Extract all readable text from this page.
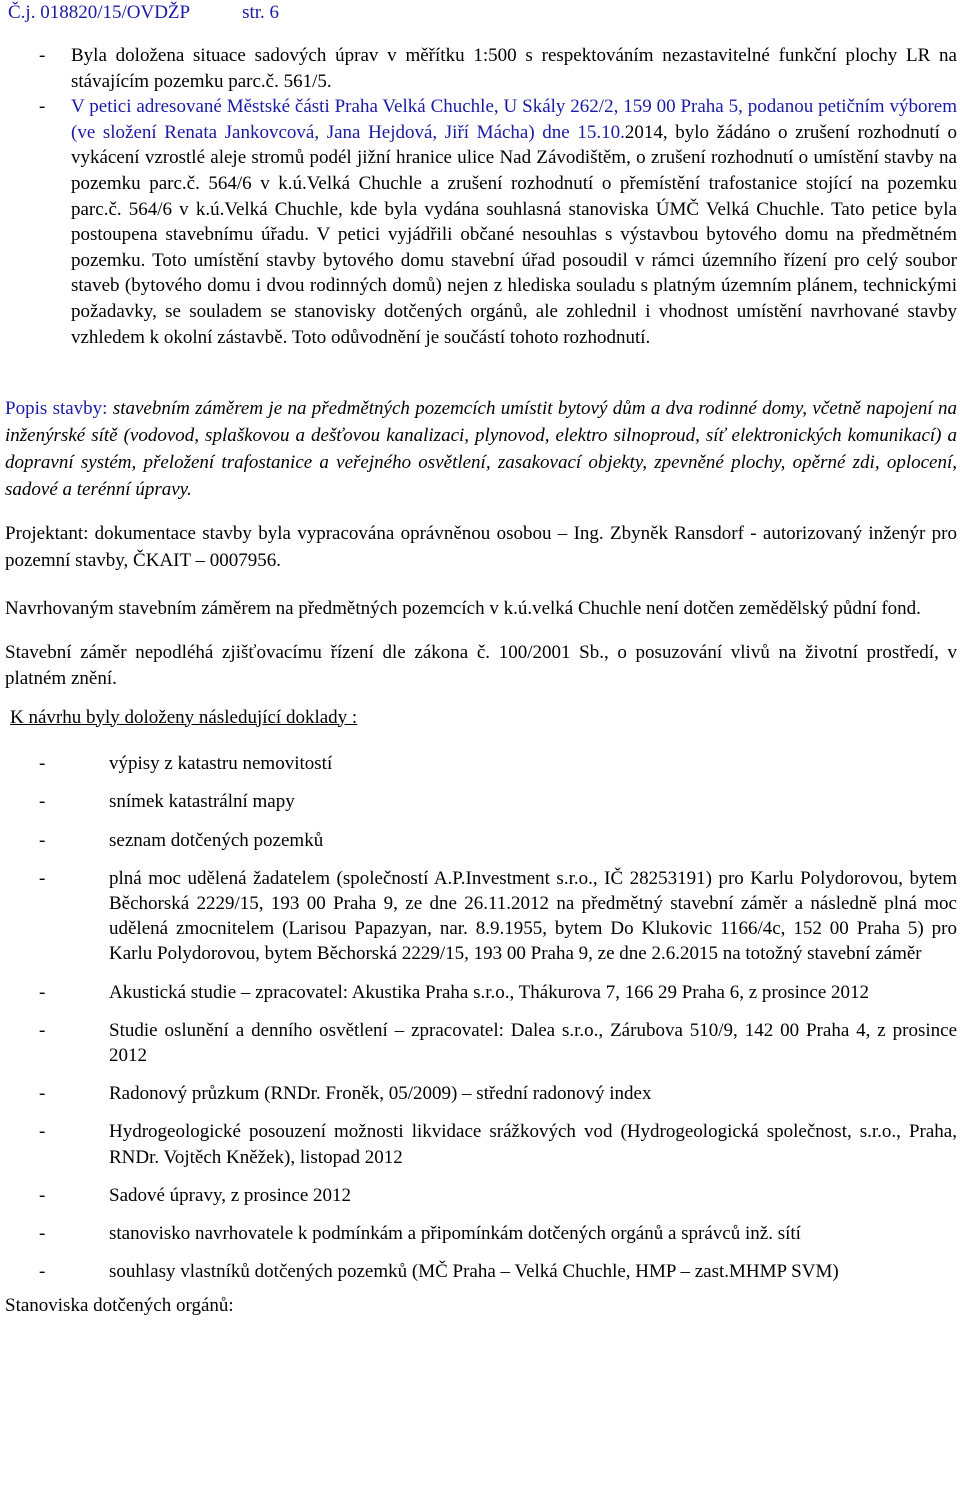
Č.j. 018820/15/OVDŽP	str. 6
-	Byla doložena situace sadových úprav v měřítku 1:500 s respektováním nezastavitelné funkční plochy LR na stávajícím pozemku parc.č. 561/5.
-	V petici adresované Městské části Praha Velká Chuchle, U Skály 262/2, 159 00 Praha 5, podanou petičním výborem (ve složení Renata Jankovcová, Jana Hejdová, Jiří Mácha) dne 15.10.2014, bylo žádáno o zrušení rozhodnutí o vykácení vzrostlé aleje stromů podél jižní hranice ulice Nad Závodištěm, o zrušení rozhodnutí o umístění stavby na pozemku parc.č. 564/6 v k.ú.Velká Chuchle a zrušení rozhodnutí o přemístění trafostanice stojící na pozemku parc.č. 564/6 v k.ú.Velká Chuchle, kde byla vydána souhlasná stanoviska ÚMČ Velká Chuchle. Tato petice byla postoupena stavebnímu úřadu. V petici vyjádřili občané nesouhlas s výstavbou bytového domu na předmětném pozemku. Toto umístění stavby bytového domu stavební úřad posoudil v rámci územního řízení pro celý soubor staveb (bytového domu i dvou rodinných domů) nejen z hlediska souladu s platným územním plánem, technickými požadavky, se souladem se stanovisky dotčených orgánů, ale zohlednil i vhodnost umístění navrhované stavby vzhledem k okolní zástavbě. Toto odůvodnění je součástí tohoto rozhodnutí.

Popis stavby: stavebním záměrem je na předmětných pozemcích umístit bytový dům a dva rodinné domy, včetně napojení na inženýrské sítě (vodovod, splaškovou a dešťovou kanalizaci, plynovod, elektro silnoproud, síť elektronických komunikací) a dopravní systém, přeložení trafostanice a veřejného osvětlení, zasakovací objekty, zpevněné plochy, opěrné zdi, oplocení, sadové a terénní úpravy.

Projektant: dokumentace stavby byla vypracována oprávněnou osobou – Ing. Zbyněk Ransdorf - autorizovaný inženýr pro pozemní stavby, ČKAIT – 0007956.

Navrhovaným stavebním záměrem na předmětných pozemcích v k.ú.velká Chuchle není dotčen zemědělský půdní fond.

Stavební záměr nepodléhá zjišťovacímu řízení dle zákona č. 100/2001 Sb., o posuzování vlivů na životní prostředí, v platném znění.

K návrhu byly doloženy následující doklady :

-	výpisy z katastru nemovitostí
-	snímek katastrální mapy
-	seznam dotčených pozemků
-	plná moc udělená žadatelem (společností A.P.Investment s.r.o., IČ 28253191) pro Karlu Polydorovou, bytem Běchorská 2229/15, 193 00 Praha 9, ze dne 26.11.2012 na předmětný stavební záměr a následně plná moc udělená zmocnitelem (Larisou Papazyan, nar. 8.9.1955, bytem Do Klukovic 1166/4c, 152 00 Praha 5) pro Karlu Polydorovou, bytem Běchorská 2229/15, 193 00 Praha 9, ze dne 2.6.2015 na totožný stavební záměr
-	Akustická studie – zpracovatel: Akustika Praha s.r.o., Thákurova 7, 166 29 Praha 6, z prosince 2012
-	Studie oslunění a denního osvětlení – zpracovatel: Dalea s.r.o., Zárubova 510/9, 142 00 Praha 4, z prosince 2012
-	Radonový průzkum (RNDr. Froněk, 05/2009) – střední radonový index
-	Hydrogeologické posouzení možnosti likvidace srážkových vod (Hydrogeologická společnost, s.r.o., Praha, RNDr. Vojtěch Kněžek), listopad 2012
-	Sadové úpravy, z prosince 2012
-	stanovisko navrhovatele k podmínkám a připomínkám dotčených orgánů a správců inž. sítí
-	souhlasy vlastníků dotčených pozemků (MČ Praha – Velká Chuchle, HMP – zast.MHMP SVM)

Stanoviska dotčených orgánů:
